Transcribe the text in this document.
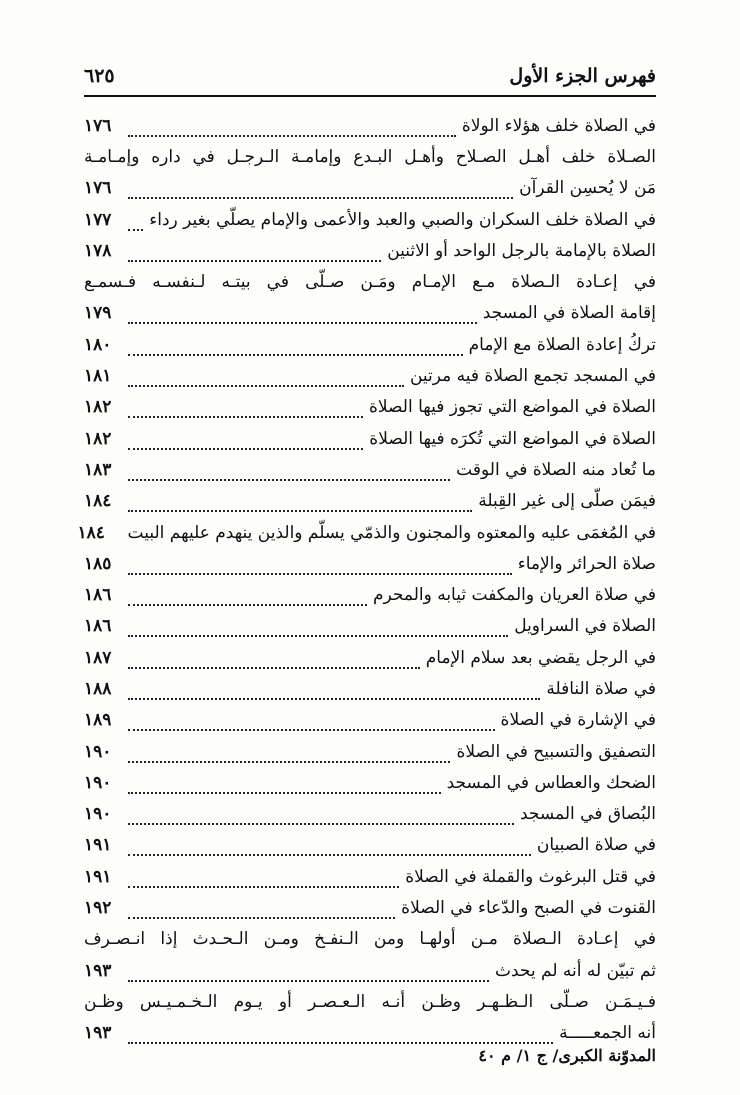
فهرس الجزء الأول
٦٢٥
في الصلاة خلف هؤلاء الولاة
١٧٦
الصـلاة خلف أهـل الصـلاح وأهـل البـدع وإمامـة الـرجـل في داره وإمـامـة
مَن لا يُحسِن القرآن
١٧٦
في الصلاة خلف السكران والصبي والعبد والأعمى والإمام يصلّي بغير رداء
١٧٧
الصلاة بالإمامة بالرجل الواحد أو الاثنين
١٧٨
في إعـادة الـصلاة مـع الإمـام ومَـن صـلّى في بيتـه لـنفسـه فـسمـع
إقامة الصلاة في المسجد
١٧٩
تركُ إعادة الصلاة مع الإمام
١٨٠
في المسجد تجمع الصلاة فيه مرتين
١٨١
الصلاة في المواضع التي تجوز فيها الصلاة
١٨٢
الصلاة في المواضع التي تُكرَه فيها الصلاة
١٨٢
ما تُعاد منه الصلاة في الوقت
١٨٣
فيمَن صلّى إلى غير القِبلة
١٨٤
في المُغمَى عليه والمعتوه والمجنون والذمّي يسلّم والذين ينهدم عليهم البيت
١٨٤
صلاة الحرائر والإماء
١٨٥
في صلاة العريان والمكفت ثيابه والمحرم
١٨٦
الصلاة في السراويل
١٨٦
في الرجل يقضي بعد سلام الإمام
١٨٧
في صلاة النافلة
١٨٨
في الإشارة في الصلاة
١٨٩
التصفيق والتسبيح في الصلاة
١٩٠
الضحك والعطاس في المسجد
١٩٠
البُصاق في المسجد
١٩٠
في صلاة الصبيان
١٩١
في قتل البرغوث والقملة في الصلاة
١٩١
القنوت في الصبح والدّعاء في الصلاة
١٩٢
في إعـادة الـصلاة مـن أولهـا ومن الـنفـخ ومـن الـحـدث إذا انـصـرف
ثم تبيّن له أنه لم يحدث
١٩٣
فـيـمَـن صـلّى الـظـهـر وظـن أنـه الـعـصـر أو يـوم الـخـمـيـس وظـن
أنه الجمعـــــة
١٩٣
المدوّنة الكبرى/ ج ١/ م ٤٠
